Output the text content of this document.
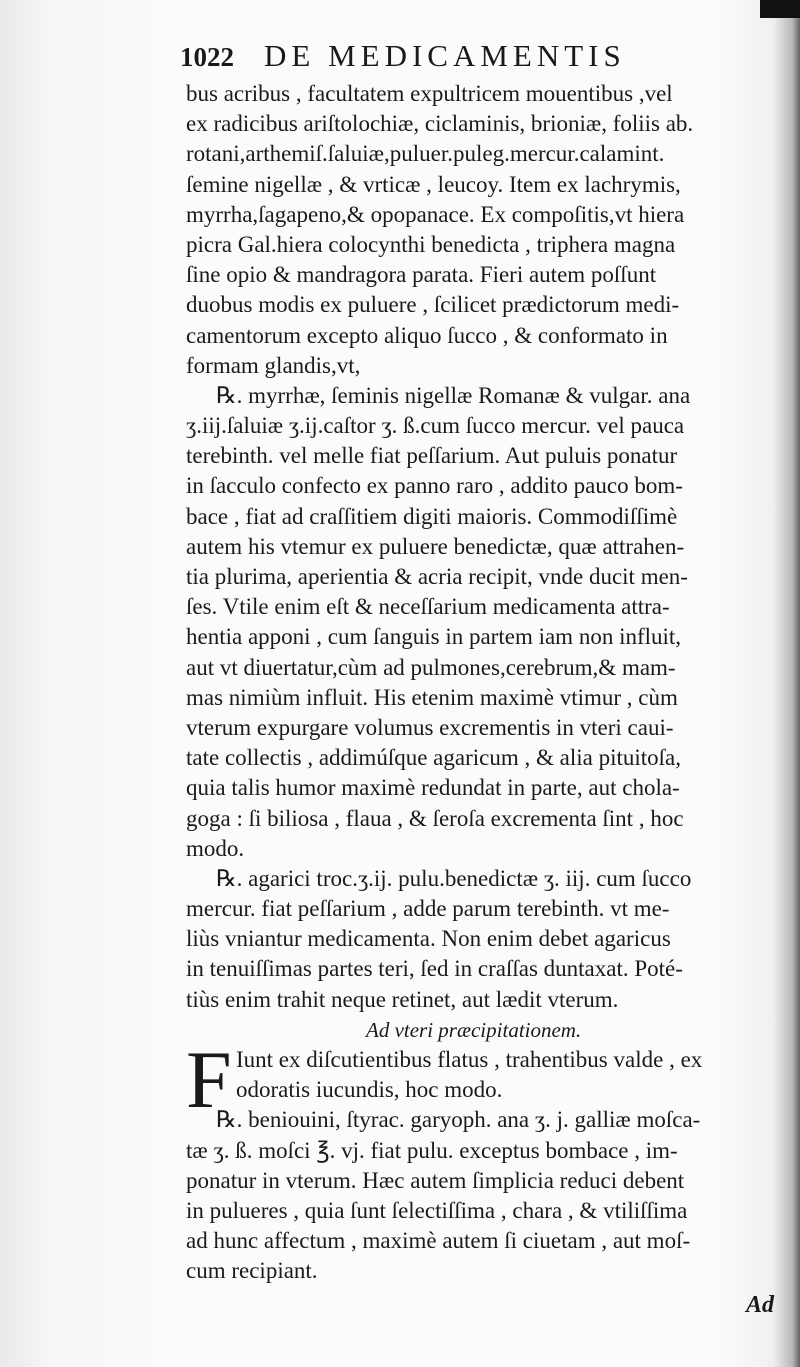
1022 DE MEDICAMENTIS
bus acribus , facultatem expultricem mouentibus ,vel
ex radicibus ariſtolochiæ, ciclaminis, brioniæ, foliis ab.
rotani,arthemiſ.ſaluiæ,puluer.puleg.mercur.calamint.
ſemine nigellæ , & vrticæ , leucoy. Item ex lachrymis,
myrrha,ſagapeno,& opopanace. Ex compoſitis,vt hiera
picra Gal.hiera colocynthi benedicta , triphera magna
ſine opio & mandragora parata. Fieri autem poſſunt
duobus modis ex puluere , ſcilicet prædictorum medi-
camentorum excepto aliquo ſucco , & conformato in
formam glandis,vt,
℞. myrrhæ, ſeminis nigellæ Romanæ & vulgar. ana
ʒ.iij.ſaluiæ ʒ.ij.caſtor ʒ. ß.cum ſucco mercur. vel pauca
terebinth. vel melle fiat peſſarium. Aut puluis ponatur
in ſacculo confecto ex panno raro , addito pauco bom-
bace , fiat ad craſſitiem digiti maioris. Commodiſſimè
autem his vtemur ex puluere benedictæ, quæ attrahen-
tia plurima, aperientia & acria recipit, vnde ducit men-
ſes. Vtile enim eſt & neceſſarium medicamenta attra-
hentia apponi , cum ſanguis in partem iam non influit,
aut vt diuertatur,cùm ad pulmones,cerebrum,& mam-
mas nimiùm influit. His etenim maximè vtimur , cùm
vterum expurgare volumus excrementis in vteri caui-
tate collectis , addimúſque agaricum , & alia pituitoſa,
quia talis humor maximè redundat in parte, aut chola-
goga : ſi biliosa , flaua , & ſeroſa excrementa ſint , hoc
modo.
℞. agarici troc.ʒ.ij. pulu.benedictæ ʒ. iij. cum ſucco
mercur. fiat peſſarium , adde parum terebinth. vt me-
liùs vniantur medicamenta. Non enim debet agaricus
in tenuiſſimas partes teri, ſed in craſſas duntaxat. Poté-
tiùs enim trahit neque retinet, aut lædit vterum.
Ad vteri præcipitationem.
F Iunt ex diſcutientibus flatus , trahentibus valde , ex
odoratis iucundis, hoc modo.
℞. beniouini, ſtyrac. garyoph. ana ʒ. j. galliæ moſca-
tæ ʒ. ß. moſci ℥. vj. fiat pulu. exceptus bombace , im-
ponatur in vterum. Hæc autem ſimplicia reduci debent
in pulueres , quia ſunt ſelectiſſima , chara , & vtiliſſima
ad hunc affectum , maximè autem ſi ciuetam , aut moſ-
cum recipiant.
Ad
